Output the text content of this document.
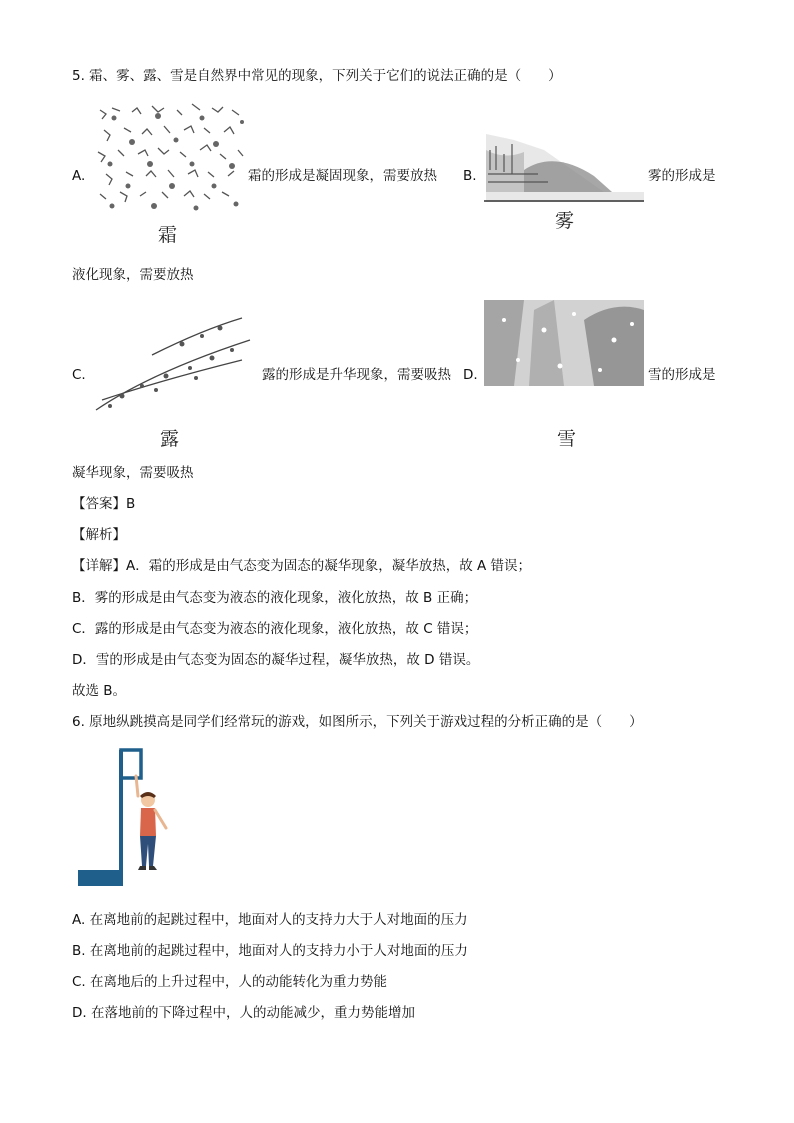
5. 霜、雾、露、雪是自然界中常见的现象，下列关于它们的说法正确的是（　　）
A.
霜
霜的形成是凝固现象，需要放热 B.
雾
雾的形成是
液化现象，需要放热
C.
露
露的形成是升华现象，需要吸热 D.
雪
雪的形成是
凝华现象，需要吸热
【答案】B
【解析】
【详解】A．霜的形成是由气态变为固态的凝华现象，凝华放热，故 A 错误；
B．雾的形成是由气态变为液态的液化现象，液化放热，故 B 正确；
C．露的形成是由气态变为液态的液化现象，液化放热，故 C 错误；
D．雪的形成是由气态变为固态的凝华过程，凝华放热，故 D 错误。
故选 B。
6. 原地纵跳摸高是同学们经常玩的游戏，如图所示，下列关于游戏过程的分析正确的是（　　）
A. 在离地前的起跳过程中，地面对人的支持力大于人对地面的压力
B. 在离地前的起跳过程中，地面对人的支持力小于人对地面的压力
C. 在离地后的上升过程中，人的动能转化为重力势能
D. 在落地前的下降过程中，人的动能减少，重力势能增加
